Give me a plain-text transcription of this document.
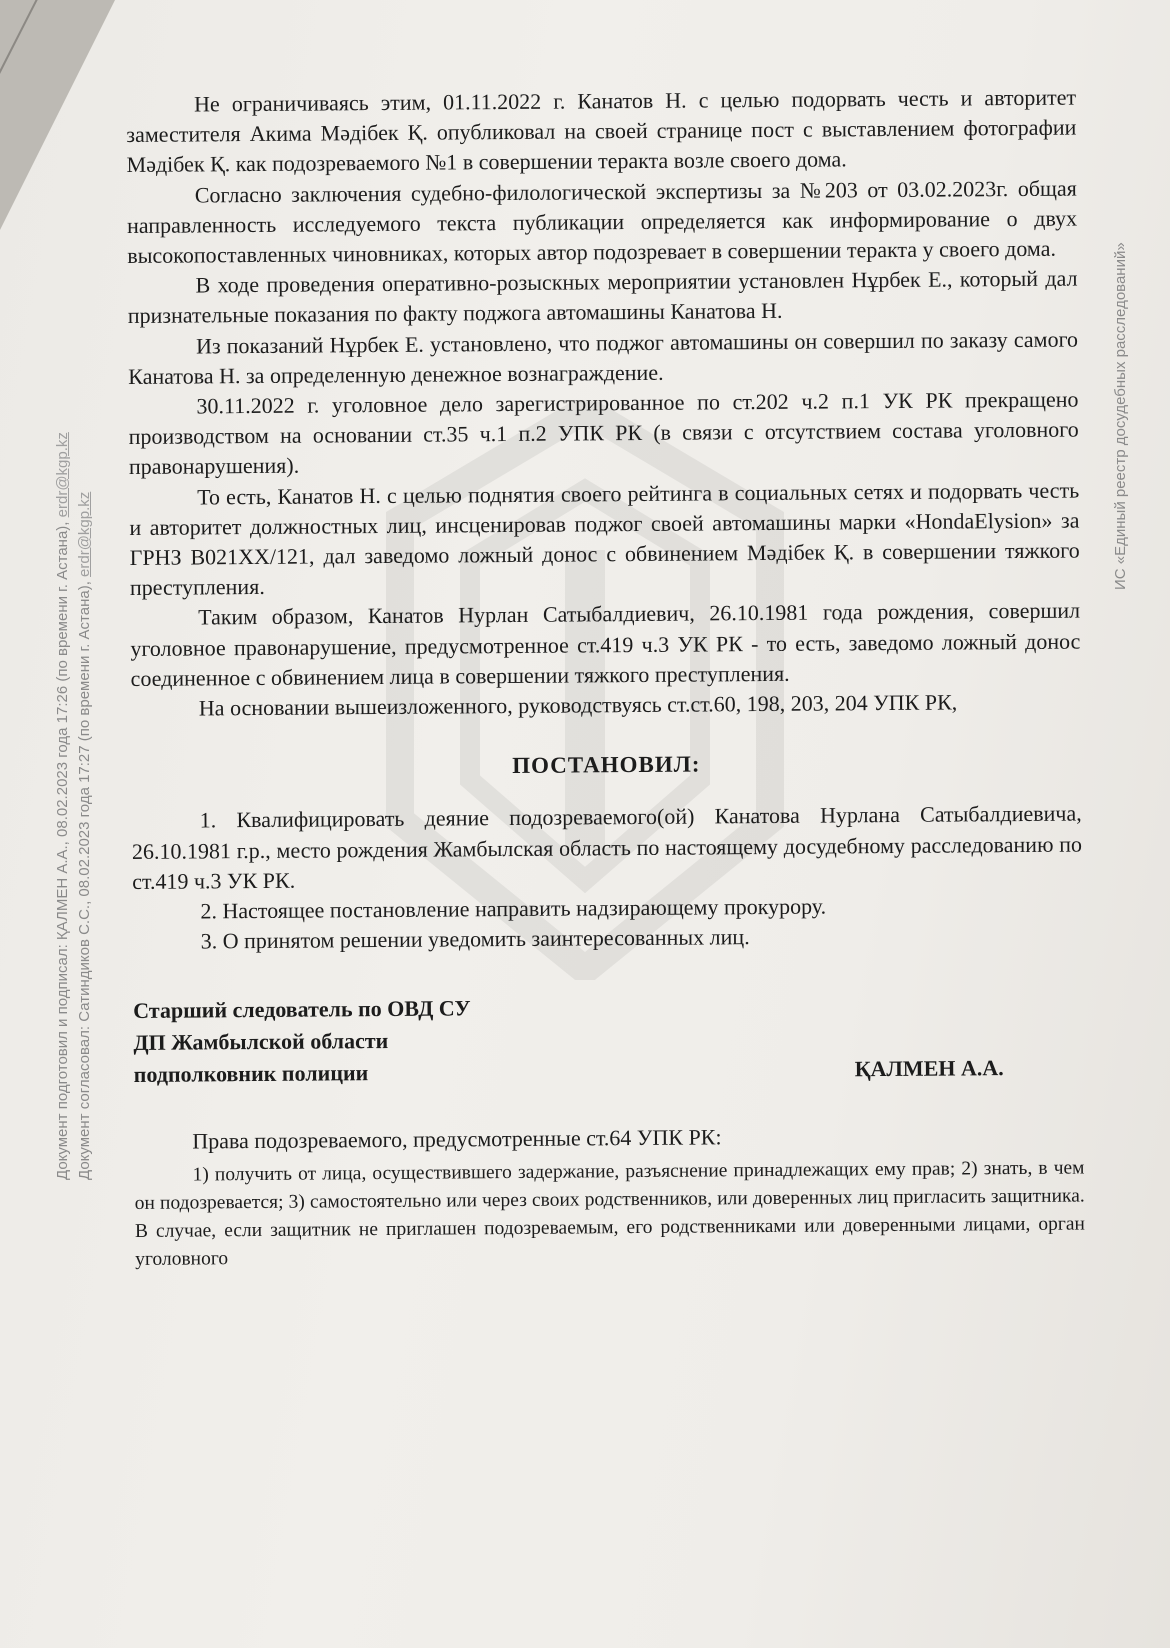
Документ подготовил и подписал: ҚАЛМЕН А.А., 08.02.2023 года 17:26 (по времени г. Астана), erdr@kgp.kz
Документ согласовал: Сатиндиков С.С., 08.02.2023 года 17:27 (по времени г. Астана), erdr@kgp.kz	ИС «Единый реестр досудебных расследований»

Не ограничиваясь этим, 01.11.2022 г. Канатов Н. с целью подорвать честь и авторитет заместителя Акима Мәдібек Қ. опубликовал на своей странице пост с выставлением фотографии Мәдібек Қ. как подозреваемого №1 в совершении теракта возле своего дома.

Согласно заключения судебно-филологической экспертизы за №203 от 03.02.2023г. общая направленность исследуемого текста публикации определяется как информирование о двух высокопоставленных чиновниках, которых автор подозревает в совершении теракта у своего дома.

В ходе проведения оперативно-розыскных мероприятии установлен Нұрбек Е., который дал признательные показания по факту поджога автомашины Канатова Н.

Из показаний Нұрбек Е. установлено, что поджог автомашины он совершил по заказу самого Канатова Н. за определенную денежное вознаграждение.

30.11.2022 г. уголовное дело зарегистрированное по ст.202 ч.2 п.1 УК РК прекращено производством на основании ст.35 ч.1 п.2 УПК РК (в связи с отсутствием состава уголовного правонарушения).

То есть, Канатов Н. с целью поднятия своего рейтинга в социальных сетях и подорвать честь и авторитет должностных лиц, инсценировав поджог своей автомашины марки «HondaElysion» за ГРНЗ B021XX/121, дал заведомо ложный донос с обвинением Мәдібек Қ. в совершении тяжкого преступления.

Таким образом, Канатов Нурлан Сатыбалдиевич, 26.10.1981 года рождения, совершил уголовное правонарушение, предусмотренное ст.419 ч.3 УК РК - то есть, заведомо ложный донос соединенное с обвинением лица в совершении тяжкого преступления.

На основании вышеизложенного, руководствуясь ст.ст.60, 198, 203, 204 УПК РК,

ПОСТАНОВИЛ:

1. Квалифицировать деяние подозреваемого(ой) Канатова Нурлана Сатыбалдиевича, 26.10.1981 г.р., место рождения Жамбылская область по настоящему досудебному расследованию по ст.419 ч.3 УК РК.

2. Настоящее постановление направить надзирающему прокурору.

3. О принятом решении уведомить заинтересованных лиц.

Старший следователь по ОВД СУ
ДП Жамбылской области
подполковник полиции	ҚАЛМЕН А.А.

Права подозреваемого, предусмотренные ст.64 УПК РК:

1) получить от лица, осуществившего задержание, разъяснение принадлежащих ему прав; 2) знать, в чем он подозревается; 3) самостоятельно или через своих родственников, или доверенных лиц пригласить защитника. В случае, если защитник не приглашен подозреваемым, его родственниками или доверенными лицами, орган уголовного
